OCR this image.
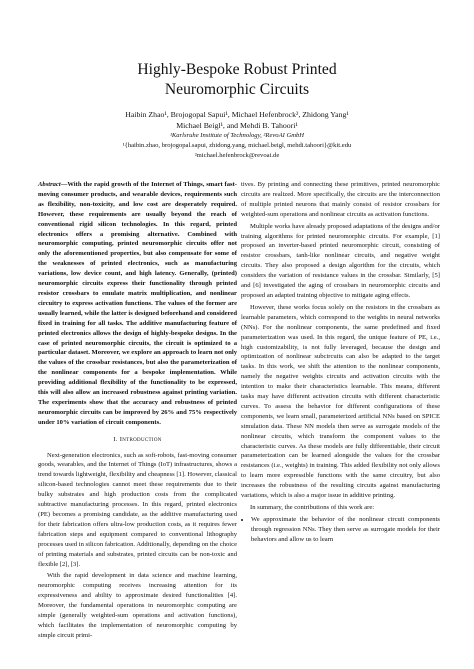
Highly-Bespoke Robust Printed
Neuromorphic Circuits
Haibin Zhao¹, Brojogopal Sapui¹, Michael Hefenbrock², Zhidong Yang¹
Michael Beigl¹, and Mehdi B. Tahoori¹
¹Karlsruhe Institute of Technology, ²RevoAI GmbH
¹{haibin.zhao, brojogopal.sapui, zhidong.yang, michael.beigl, mehdi.tahoori}@kit.edu
²michael.hefenbrock@revoai.de

Abstract—With the rapid growth of the Internet of Things, smart fast-moving consumer products, and wearable devices, requirements such as flexibility, non-toxicity, and low cost are desperately required. However, these requirements are usually beyond the reach of conventional rigid silicon technologies. In this regard, printed electronics offers a promising alternative. Combined with neuromorphic computing, printed neuromorphic circuits offer not only the aforementioned properties, but also compensate for some of the weaknesses of printed electronics, such as manufacturing variations, low device count, and high latency. Generally, (printed) neuromorphic circuits express their functionality through printed resistor crossbars to emulate matrix multiplication, and nonlinear circuitry to express activation functions. The values of the former are usually learned, while the latter is designed beforehand and considered fixed in training for all tasks. The additive manufacturing feature of printed electronics allows the design of highly-bespoke designs. In the case of printed neuromorphic circuits, the circuit is optimized to a particular dataset. Moreover, we explore an approach to learn not only the values of the crossbar resistances, but also the parameterization of the nonlinear components for a bespoke implementation. While providing additional flexibility of the functionality to be expressed, this will also allow an increased robustness against printing variation. The experiments show that the accuracy and robustness of printed neuromorphic circuits can be improved by 26% and 75% respectively under 10% variation of circuit components.

I. Introduction

Next-generation electronics, such as soft-robots, fast-moving consumer goods, wearables, and the Internet of Things (IoT) infrastructures, shows a trend towards lightweight, flexibility and cheapness [1]. However, classical silicon-based technologies cannot meet these requirements due to their bulky substrates and high production costs from the complicated subtractive manufacturing processes. In this regard, printed electronics (PE) becomes a promising candidate, as the additive manufacturing used for their fabrication offers ultra-low production costs, as it requires fewer fabrication steps and equipment compared to conventional lithography processes used in silicon fabrication. Additionally, depending on the choice of printing materials and substrates, printed circuits can be non-toxic and flexible [2], [3].

With the rapid development in data science and machine learning, neuromorphic computing receives increasing attention for its expressiveness and ability to approximate desired functionalities [4]. Moreover, the fundamental operations in neuromorphic computing are simple (generally weighted-sum operations and activation functions), which facilitates the implementation of neuromorphic computing by simple circuit primi-

tives. By printing and connecting these primitives, printed neuromorphic circuits are realized. More specifically, the circuits are the interconnection of multiple printed neurons that mainly consist of resistor crossbars for weighted-sum operations and nonlinear circuits as activation functions.

Multiple works have already proposed adaptations of the designs and/or training algorithms for printed neuromorphic circuits. For example, [1] proposed an inverter-based printed neuromorphic circuit, consisting of resistor crossbars, tanh-like nonlinear circuits, and negative weight circuits. They also proposed a design algorithm for the circuits, which considers the variation of resistance values in the crossbar. Similarly, [5] and [6] investigated the aging of crossbars in neuromorphic circuits and proposed an adapted training objective to mitigate aging effects.

However, these works focus solely on the resistors in the crossbars as learnable parameters, which correspond to the weights in neural networks (NNs). For the nonlinear components, the same predefined and fixed parameterization was used. In this regard, the unique feature of PE, i.e., high customizability, is not fully leveraged, because the design and optimization of nonlinear subcircuits can also be adapted to the target tasks. In this work, we shift the attention to the nonlinear components, namely the negative weights circuits and activation circuits with the intention to make their characteristics learnable. This means, different tasks may have different activation circuits with different characteristic curves. To assess the behavior for different configurations of these components, we learn small, parameterized artificial NNs based on SPICE simulation data. These NN models then serve as surrogate models of the nonlinear circuits, which transform the component values to the characteristic curves. As these models are fully differentiable, their circuit parameterization can be learned alongside the values for the crossbar resistances (i.e., weights) in training. This added flexibility not only allows to learn more expressible functions with the same circuitry, but also increases the robustness of the resulting circuits against manufacturing variations, which is also a major issue in additive printing.

In summary, the contributions of this work are:

• We approximate the behavior of the nonlinear circuit components through regression NNs. They then serve as surrogate models for their behaviors and allow us to learn
